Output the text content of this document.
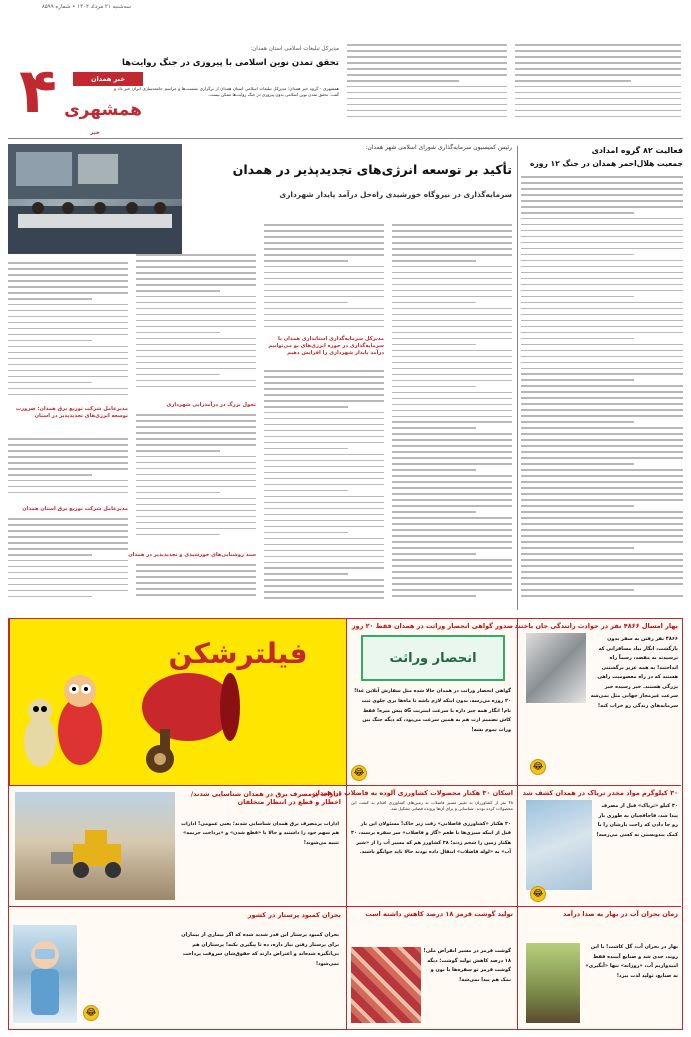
سه‌شنبه ۲۱ مرداد ۱۴۰۴ • شماره ۸۵۹۹
۴	خبر همدان
همشهری
خبر
مدیرکل تبلیغات اسلامی استان همدان:
تحقق تمدن نوین اسلامی با پیروزی در جنگ روایت‌ها
همشهری - گروه خبر همدان: مدیرکل تبلیغات اسلامی استان همدان از برگزاری نشست‌ها و مراسم جامعه‌سازی ایران خبر داد و گفت: تحقق تمدن نوین اسلامی بدون پیروزی در جنگ روایت‌ها ممکن نیست.
فعالیت ۸۲ گروه امدادی
جمعیت هلال‌احمر همدان در جنگ ۱۲ روزه
رئیس کمیسیون سرمایه‌گذاری شورای اسلامی شهر همدان:
تأکید بر توسعه انرژی‌های تجدیدپذیر در همدان
سرمایه‌گذاری در نیروگاه خورشیدی راه‌حل درآمد پایدار شهرداری
مدیرکل سرمایه‌گذاری استانداری همدان با سرمایه‌گذاری در حوزه انرژی‌های نو می‌توانیم درآمد پایدار شهرداری را افزایش دهیم
تحول بزرگ در درآمدزایی شهرداری
سند روشنایی‌های خورشیدی و تجدیدپذیر در همدان
مدیرعامل شرکت توزیع برق همدان: ضرورت توسعه انرژی‌های تجدیدپذیر در استان
مدیرعامل شرکت توزیع برق استان همدان
فیلترشکن
بهار امسال ۴۸۶۶ نفر در حوادث رانندگی جان باختند
۴۸۶۶ نفر رفتن به سفر بدون بازگشت، انگار بیاد مسافرانی که نرسیدند به مقصد، رسماً راه انداختند! به همه عزیز برگشتنی هستند که در راه معصومیت راهی بزرگی هستند. خبر رسیده خبر سرعت غیرمجاز جهانی مثل نمی‌شه سرمایه‌های زندگی رو خراب کنه!
😂
صدور گواهی انحصار وراثت در همدان فقط ۲۰ روز
انحصار وراثت
گواهی انحصار وراثت در همدان حالا شده مثل سفارش آنلاین غذا! ۲۰ روزه می‌رسه، بدون اینکه لازم باشه تا ماه‌ها بری جلوی ثبت نام! انگار همه چیز داره با سرعت اینترنت ۵G پیش میره! فقط کاش تصمیم ارث هم به همین سرعت می‌بود، که دیگه جنگ بین وراث تموم بشه!
😂
۳۰ کیلوگرم مواد مخدر تریاک در همدان کشف شد
۳۰ کیلو «تریاک» قبل از مصرف پیدا شد، قاچاقچیان یه طوری بار رو جا دادن که راحت بارشان را با کمک بندوبستی به کسی می‌رسه!
😂
اسکان ۳۰ هکتار محصولات کشاورزی آلوده به فاضلاب در همدان
۴۸ نفر از کشاورزان به تغییر مسیر فاضلاب به زمین‌های کشاورزی اقدام به کشت این محصولات کرده بودند. شناسایی و برای آن‌ها پرونده قضایی تشکیل شد.
۳۰ هکتار «کشاورزی فاضلابی» رفت زیر خاک! مسئولان این بار قبل از اینکه سبزی‌ها با طعم «گاز و فاضلاب» سر سفره برسند، ۳۰ هکتار زمین را شخم زدند؛ ۴۸ کشاورز هم که مسیر آب را از «شیر آب» به «لوله فاضلاب» انتقال داده بودند حالا باید جوابگو باشند.
ادارات پرمصرف برق در همدان شناسایی شدند/ اخطار و قطع در انتظار متخلفان
ادارات پرمصرف برق همدان شناسایی شدند؛ یعنی عمومی! ادارات هم سهم خود را داشتند و حالا با «قطع شدن» و «پرداخت جریمه» تنبیه می‌شوند!
زمان بحران آب در بهار به صدا درآمد
بهار در بحران آب، گل کاشت! با این روند، جدی شد و صنایع آیینده فقط امیدواریم آب، «روزانه» تنها «آبگیری» نه صنایع، تولید لذت ببرد!
تولید گوشت قرمز ۱۸ درصد کاهش داشته است
گوشت قرمز در مسیر انقراض ملی! ۱۸ درصد کاهش تولید گوشت؛ دیگه گوشت قرمز تو سفره‌ها با نون و نمک هم پیدا نمی‌شه!
بحران کمبود پرستار در کشور
بحران کمبود پرستار این قدر شدید شده که اگر بیماری از بیماران برای پرستار رفتن نیاز داره، ده تا پیگیری بکنه! پرستاران هم بی‌انگیزه شده‌اند و اعتراض دارند که حقوق‌شان سروقت پرداخت نمی‌شود!
😂
